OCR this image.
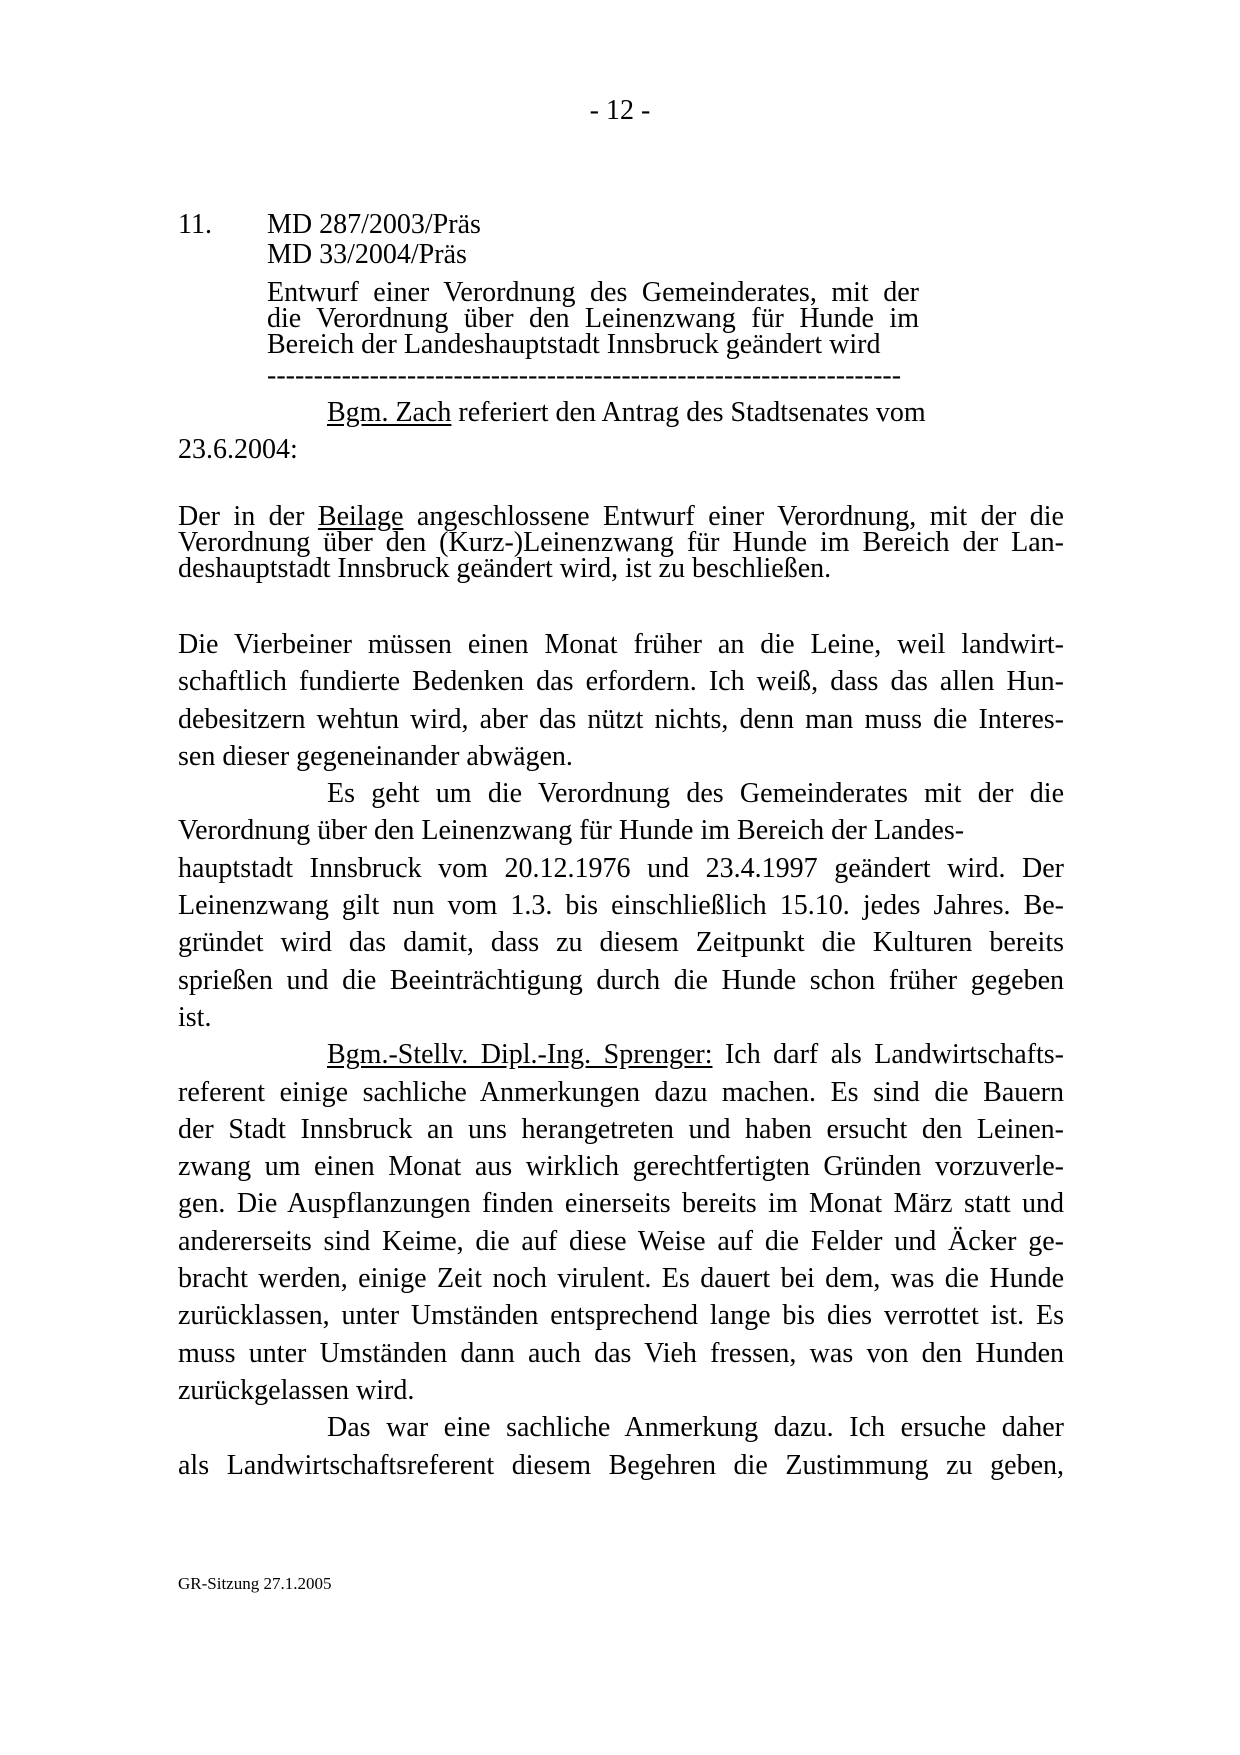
- 12 -
11. MD 287/2003/Präs
MD 33/2004/Präs
Entwurf einer Verordnung des Gemeinderates, mit der
die Verordnung über den Leinenzwang für Hunde im
Bereich der Landeshauptstadt Innsbruck geändert wird
--------------------------------------------------------------------
Bgm. Zach referiert den Antrag des Stadtsenates vom
23.6.2004:
Der in der Beilage angeschlossene Entwurf einer Verordnung, mit der die
Verordnung über den (Kurz-)Leinenzwang für Hunde im Bereich der Lan-
deshauptstadt Innsbruck geändert wird, ist zu beschließen.
Die Vierbeiner müssen einen Monat früher an die Leine, weil landwirt-
schaftlich fundierte Bedenken das erfordern. Ich weiß, dass das allen Hun-
debesitzern wehtun wird, aber das nützt nichts, denn man muss die Interes-
sen dieser gegeneinander abwägen.
Es geht um die Verordnung des Gemeinderates mit der die
Verordnung über den Leinenzwang für Hunde im Bereich der Landes-
hauptstadt Innsbruck vom 20.12.1976 und 23.4.1997 geändert wird. Der
Leinenzwang gilt nun vom 1.3. bis einschließlich 15.10. jedes Jahres. Be-
gründet wird das damit, dass zu diesem Zeitpunkt die Kulturen bereits
sprießen und die Beeinträchtigung durch die Hunde schon früher gegeben
ist.
Bgm.-Stellv. Dipl.-Ing. Sprenger: Ich darf als Landwirtschafts-
referent einige sachliche Anmerkungen dazu machen. Es sind die Bauern
der Stadt Innsbruck an uns herangetreten und haben ersucht den Leinen-
zwang um einen Monat aus wirklich gerechtfertigten Gründen vorzuverle-
gen. Die Auspflanzungen finden einerseits bereits im Monat März statt und
andererseits sind Keime, die auf diese Weise auf die Felder und Äcker ge-
bracht werden, einige Zeit noch virulent. Es dauert bei dem, was die Hunde
zurücklassen, unter Umständen entsprechend lange bis dies verrottet ist. Es
muss unter Umständen dann auch das Vieh fressen, was von den Hunden
zurückgelassen wird.
Das war eine sachliche Anmerkung dazu. Ich ersuche daher
als Landwirtschaftsreferent diesem Begehren die Zustimmung zu geben,
GR-Sitzung 27.1.2005
